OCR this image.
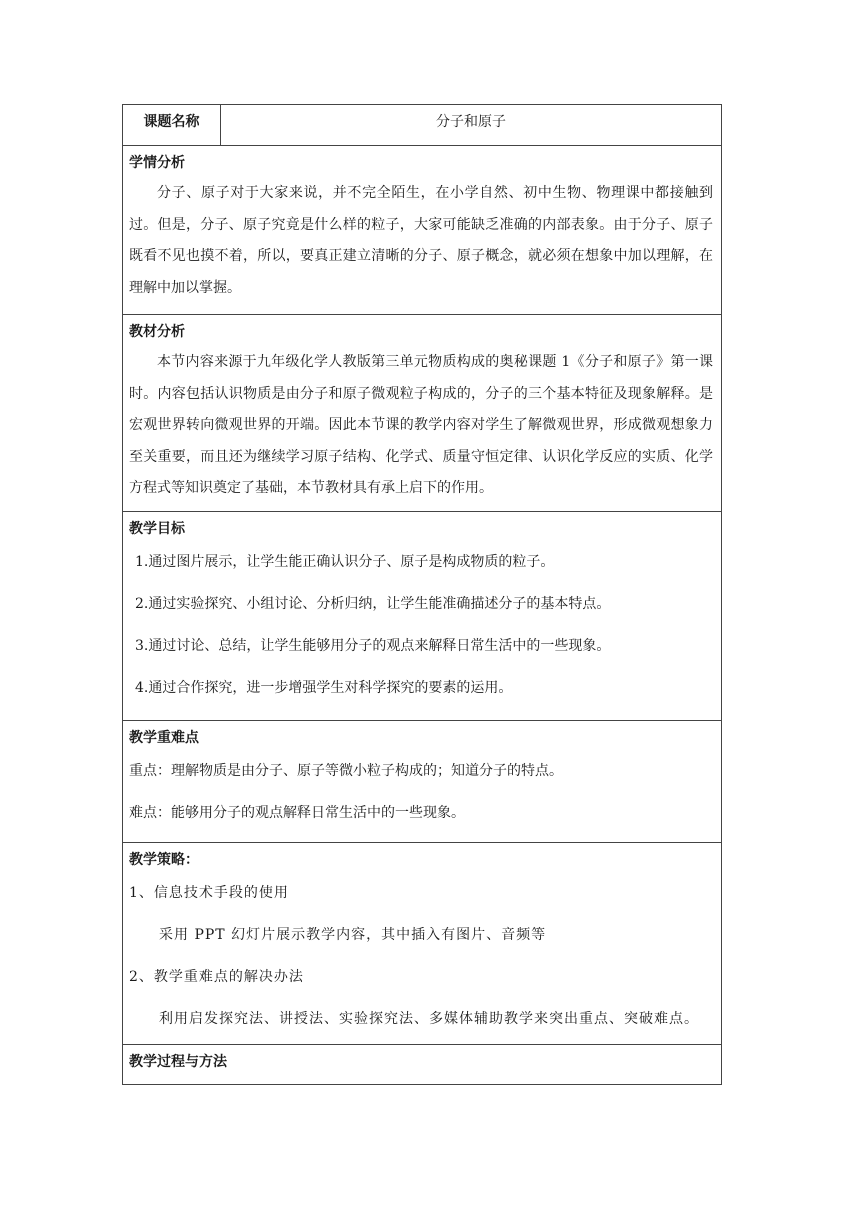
课题名称	分子和原子
学情分析

分子、原子对于大家来说，并不完全陌生，在小学自然、初中生物、物理课中都接触到过。但是，分子、原子究竟是什么样的粒子，大家可能缺乏准确的内部表象。由于分子、原子既看不见也摸不着，所以，要真正建立清晰的分子、原子概念，就必须在想象中加以理解，在理解中加以掌握。

教材分析

本节内容来源于九年级化学人教版第三单元物质构成的奥秘课题 1《分子和原子》第一课时。内容包括认识物质是由分子和原子微观粒子构成的，分子的三个基本特征及现象解释。是宏观世界转向微观世界的开端。因此本节课的教学内容对学生了解微观世界，形成微观想象力至关重要，而且还为继续学习原子结构、化学式、质量守恒定律、认识化学反应的实质、化学方程式等知识奠定了基础，本节教材具有承上启下的作用。

教学目标

1.通过图片展示，让学生能正确认识分子、原子是构成物质的粒子。

2.通过实验探究、小组讨论、分析归纳，让学生能准确描述分子的基本特点。

3.通过讨论、总结，让学生能够用分子的观点来解释日常生活中的一些现象。

4.通过合作探究，进一步增强学生对科学探究的要素的运用。

教学重难点

重点：理解物质是由分子、原子等微小粒子构成的；知道分子的特点。

难点：能够用分子的观点解释日常生活中的一些现象。

教学策略：

1、信息技术手段的使用

采用 PPT 幻灯片展示教学内容，其中插入有图片、音频等

2、教学重难点的解决办法

利用启发探究法、讲授法、实验探究法、多媒体辅助教学来突出重点、突破难点。

教学过程与方法
